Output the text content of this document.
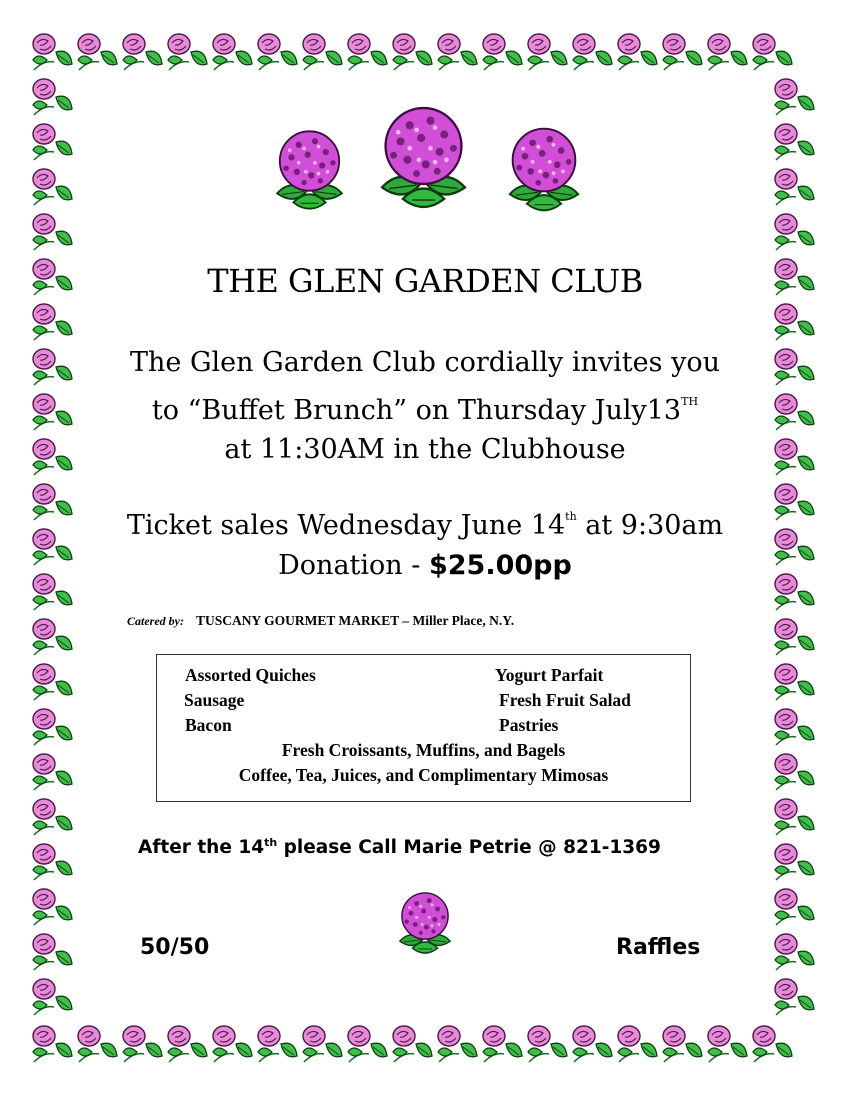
THE GLEN GARDEN CLUB
The Glen Garden Club cordially invites you
to “Buffet Brunch” on Thursday July13TH
at 11:30AM in the Clubhouse
Ticket sales Wednesday June 14th at 9:30am
Donation - $25.00pp
Catered by: TUSCANY GOURMET MARKET – Miller Place, N.Y.
Assorted Quiches
Sausage
Bacon
Yogurt Parfait
Fresh Fruit Salad
Pastries
Fresh Croissants, Muffins, and Bagels
Coffee, Tea, Juices, and Complimentary Mimosas
After the 14th please Call Marie Petrie @ 821-1369
50/50	Raffles
